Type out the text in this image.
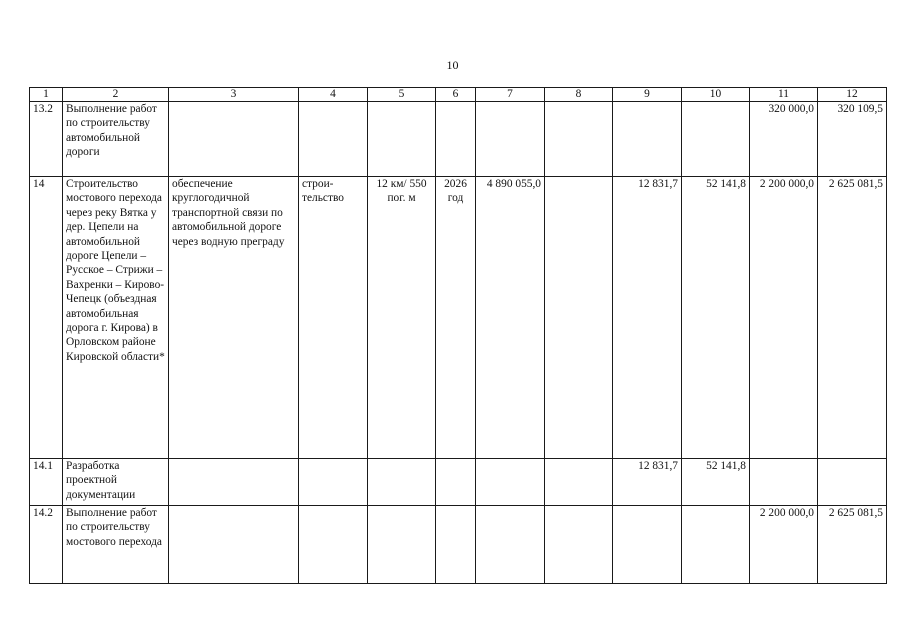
10
1	2	3	4	5	6	7	8	9	10	11	12
13.2	Выполнение работ по строительству автомобильной дороги									320 000,0	320 109,5
14	Строительство мостового перехода через реку Вятка у дер. Цепели на автомобильной дороге Цепели – Русское – Стрижи – Вахренки – Кирово-Чепецк (объездная автомобильная дорога г. Кирова) в Орловском районе Кировской области*	обеспечение круглогодичной транспортной связи по автомобильной дороге через водную преграду	строи- тельство	12 км/ 550 пог. м	2026 год	4 890 055,0		12 831,7	52 141,8	2 200 000,0	2 625 081,5
14.1	Разработка проектной документации							12 831,7	52 141,8		
14.2	Выполнение работ по строительству мостового перехода									2 200 000,0	2 625 081,5
